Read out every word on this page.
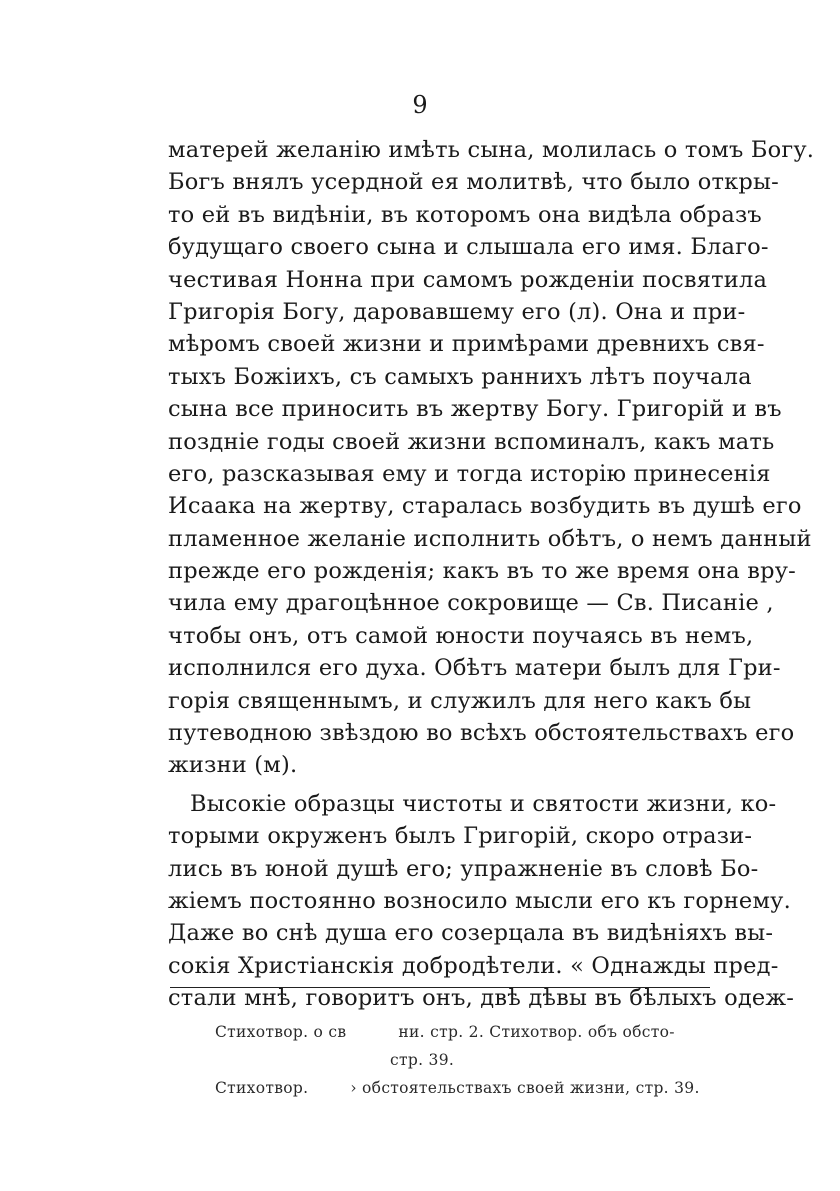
9
матерей желанію имѣть сына, молилась о томъ Богу.
Богъ внялъ усердной ея молитвѣ, что было откры-
то ей въ видѣніи, въ которомъ она видѣла образъ
будущаго своего сына и слышала его имя. Благо-
честивая Нонна при самомъ рожденіи посвятила
Григорія Богу, даровавшему его (л). Она и при-
мѣромъ своей жизни и примѣрами древнихъ свя-
тыхъ Божіихъ, съ самыхъ раннихъ лѣтъ поучала
сына все приносить въ жертву Богу. Григорій и въ
поздніе годы своей жизни вспоминалъ, какъ мать
его, разсказывая ему и тогда исторію принесенія
Исаака на жертву, старалась возбудить въ душѣ его
пламенное желаніе исполнить обѣтъ, о немъ данный
прежде его рожденія; какъ въ то же время она вру-
чила ему драгоцѣнное сокровище — Св. Писаніе ,
чтобы онъ, отъ самой юности поучаясь въ немъ,
исполнился его духа. Обѣтъ матери былъ для Гри-
горія священнымъ, и служилъ для него какъ бы
путеводною звѣздою во всѣхъ обстоятельствахъ его
жизни (м).
Высокіе образцы чистоты и святости жизни, ко-
торыми окруженъ былъ Григорій, скоро отрази-
лись въ юной душѣ его; упражненіе въ словѣ Бо-
жіемъ постоянно возносило мысли его къ горнему.
Даже во снѣ душа его созерцала въ видѣніяхъ вы-
сокія Христіанскія добродѣтели. « Однажды пред-
стали мнѣ, говоритъ онъ, двѣ дѣвы въ бѣлыхъ одеж-
Стихотвор. о св	ни. стр. 2. Стихотвор. объ обсто-
стр. 39.
Стихотвор.	› обстоятельствахъ своей жизни, стр. 39.
